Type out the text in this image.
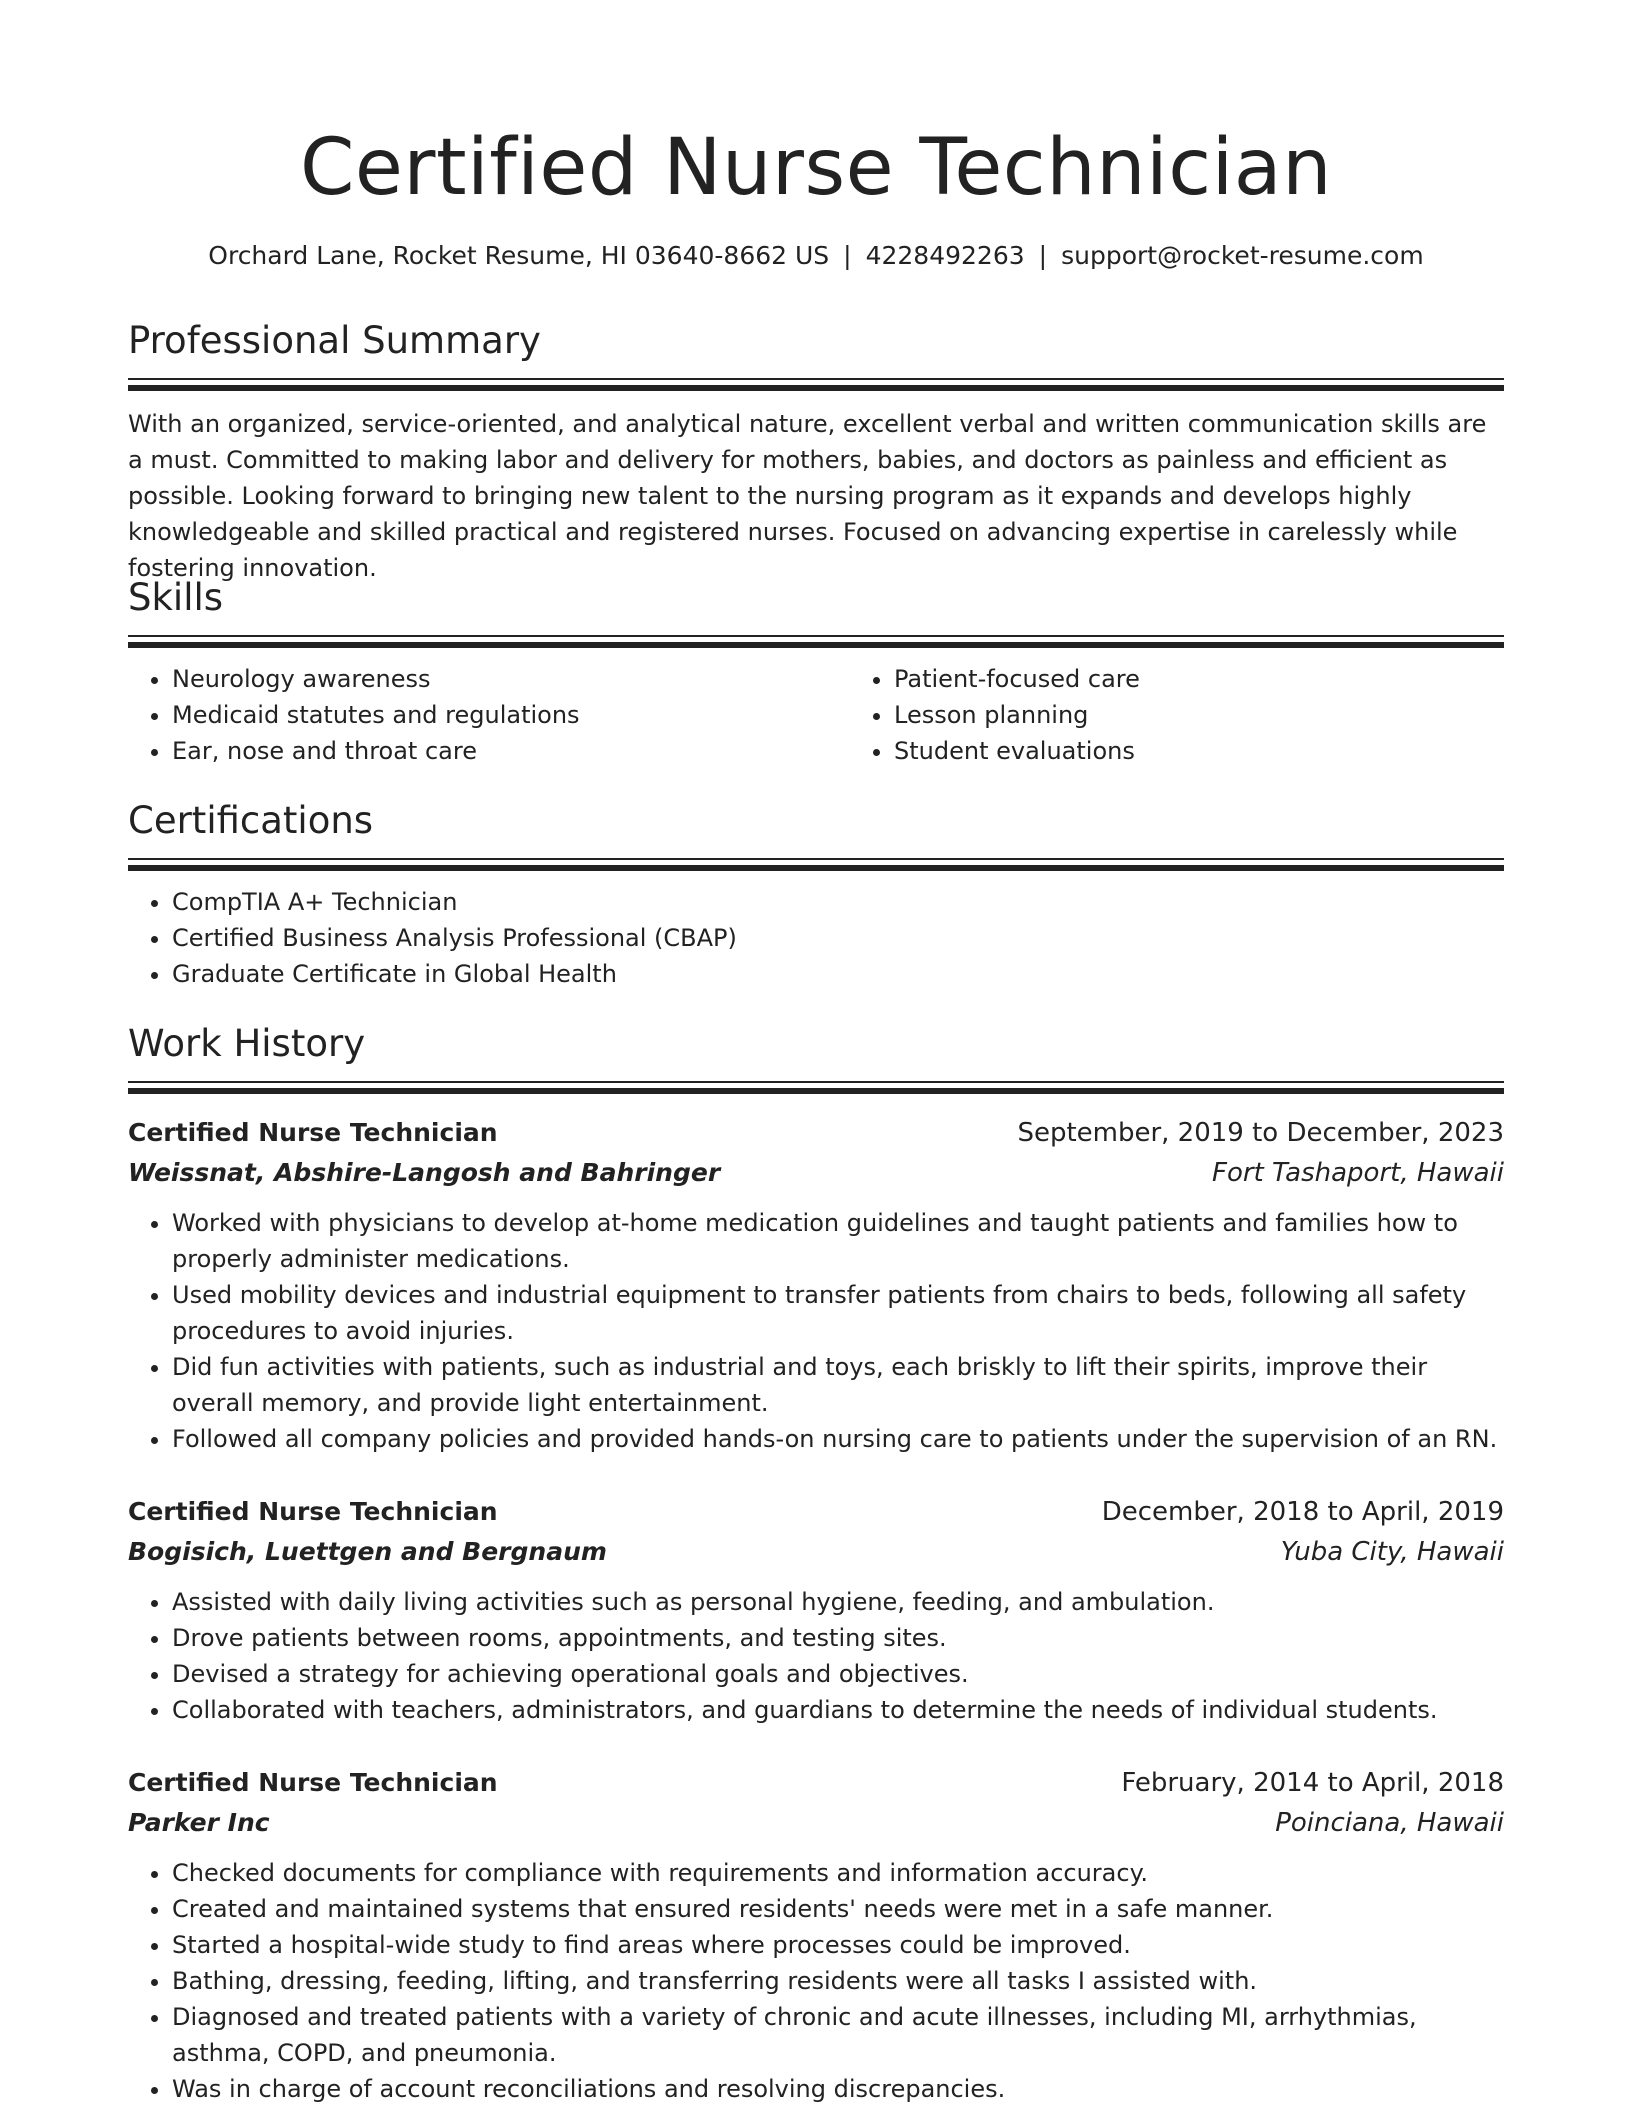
Certified Nurse Technician
Orchard Lane, Rocket Resume, HI 03640-8662 US | 4228492263 | support@rocket-resume.com
Professional Summary

With an organized, service-oriented, and analytical nature, excellent verbal and written communication skills are a must. Committed to making labor and delivery for mothers, babies, and doctors as painless and efficient as possible. Looking forward to bringing new talent to the nursing program as it expands and develops highly knowledgeable and skilled practical and registered nurses. Focused on advancing expertise in carelessly while fostering innovation.

Skills
• Neurology awareness
• Medicaid statutes and regulations
• Ear, nose and throat care
• Patient-focused care
• Lesson planning
• Student evaluations
Certifications
• CompTIA A+ Technician
• Certified Business Analysis Professional (CBAP)
• Graduate Certificate in Global Health
Work History
Certified Nurse Technician	September, 2019 to December, 2023
Weissnat, Abshire-Langosh and Bahringer	Fort Tashaport, Hawaii
• Worked with physicians to develop at-home medication guidelines and taught patients and families how to properly administer medications.
• Used mobility devices and industrial equipment to transfer patients from chairs to beds, following all safety procedures to avoid injuries.
• Did fun activities with patients, such as industrial and toys, each briskly to lift their spirits, improve their overall memory, and provide light entertainment.
• Followed all company policies and provided hands-on nursing care to patients under the supervision of an RN.
Certified Nurse Technician	December, 2018 to April, 2019
Bogisich, Luettgen and Bergnaum	Yuba City, Hawaii
• Assisted with daily living activities such as personal hygiene, feeding, and ambulation.
• Drove patients between rooms, appointments, and testing sites.
• Devised a strategy for achieving operational goals and objectives.
• Collaborated with teachers, administrators, and guardians to determine the needs of individual students.
Certified Nurse Technician	February, 2014 to April, 2018
Parker Inc	Poinciana, Hawaii
• Checked documents for compliance with requirements and information accuracy.
• Created and maintained systems that ensured residents' needs were met in a safe manner.
• Started a hospital-wide study to find areas where processes could be improved.
• Bathing, dressing, feeding, lifting, and transferring residents were all tasks I assisted with.
• Diagnosed and treated patients with a variety of chronic and acute illnesses, including MI, arrhythmias, asthma, COPD, and pneumonia.
• Was in charge of account reconciliations and resolving discrepancies.
